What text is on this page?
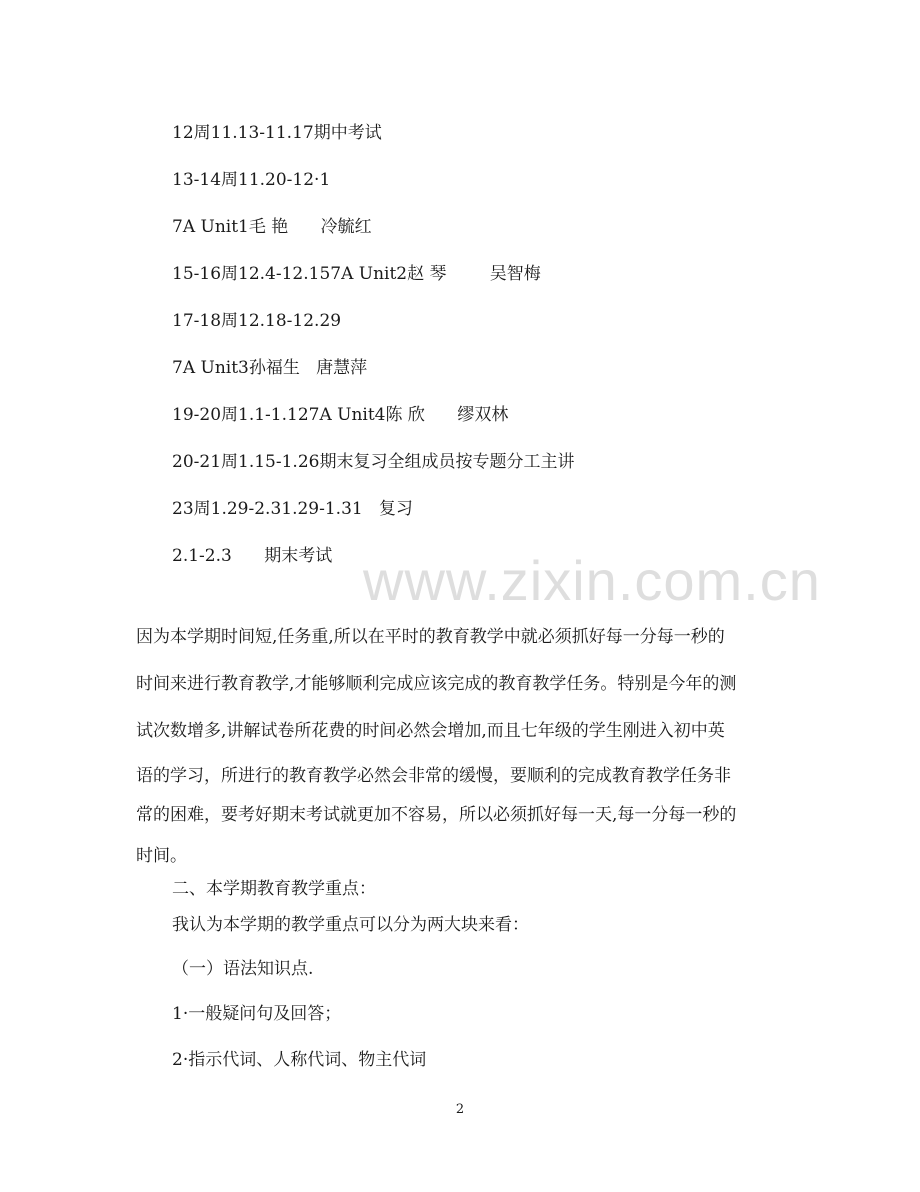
12周11.13-11.17期中考试
13-14周11.20-12·1
7A Unit1毛 艳      冷毓红
15-16周12.4-12.157A Unit2赵 琴        吴智梅
17-18周12.18-12.29
7A Unit3孙福生   唐慧萍
19-20周1.1-1.127A Unit4陈 欣      缪双林
20-21周1.15-1.26期末复习全组成员按专题分工主讲
23周1.29-2.31.29-1.31   复习
2.1-2.3      期末考试 www.zixin.com.cn
因为本学期时间短,任务重,所以在平时的教育教学中就必须抓好每一分每一秒的
时间来进行教育教学,才能够顺利完成应该完成的教育教学任务。特别是今年的测
试次数增多,讲解试卷所花费的时间必然会增加,而且七年级的学生刚进入初中英
语的学习，所进行的教育教学必然会非常的缓慢，要顺利的完成教育教学任务非
常的困难，要考好期末考试就更加不容易，所以必须抓好每一天,每一分每一秒的
时间。
二、本学期教育教学重点：
我认为本学期的教学重点可以分为两大块来看：
（一）语法知识点.
1·一般疑问句及回答；
2·指示代词、人称代词、物主代词
2
